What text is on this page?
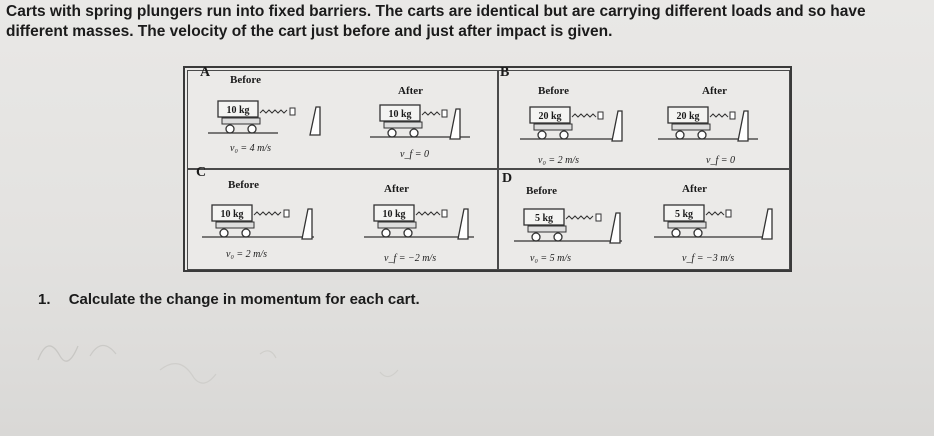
Carts with spring plungers run into fixed barriers. The carts are identical but are carrying different loads and so have
different masses. The velocity of the cart just before and just after impact is given.
A Before
After
10 kg
v₀ = 4 m/s
10 kg
v_f = 0
B
Before	After
20 kg
v₀ = 2 m/s
20 kg
v_f = 0
C
Before	After
10 kg
v₀ = 2 m/s
10 kg
v_f = −2 m/s
D
Before	After
5 kg
v₀ = 5 m/s
5 kg
v_f = −3 m/s
1. Calculate the change in momentum for each cart.
